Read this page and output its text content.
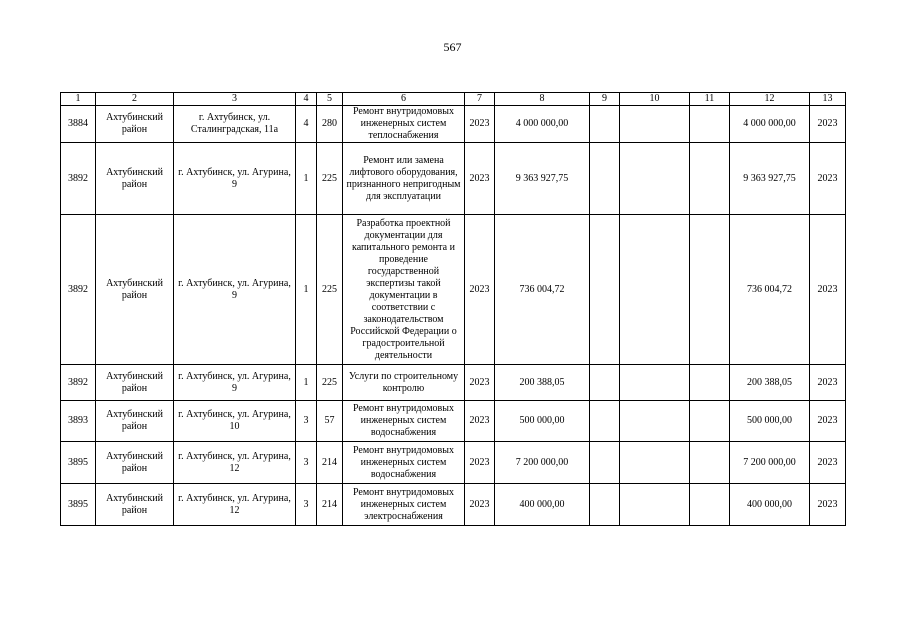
567
1	2	3	4	5	6	7	8	9	10	11	12	13
3884	Ахтубинский район	г. Ахтубинск, ул. Сталинградская, 11а	4	280	Ремонт внутридомовых инженерных систем теплоснабжения	2023	4 000 000,00				4 000 000,00	2023
3892	Ахтубинский район	г. Ахтубинск, ул. Агурина, 9	1	225	Ремонт или замена лифтового оборудования, признанного непригодным для эксплуатации	2023	9 363 927,75				9 363 927,75	2023
3892	Ахтубинский район	г. Ахтубинск, ул. Агурина, 9	1	225	Разработка проектной документации для капитального ремонта и проведение государственной экспертизы такой документации в соответствии с законодательством Российской Федерации о градостроительной деятельности	2023	736 004,72				736 004,72	2023
3892	Ахтубинский район	г. Ахтубинск, ул. Агурина, 9	1	225	Услуги по строительному контролю	2023	200 388,05				200 388,05	2023
3893	Ахтубинский район	г. Ахтубинск, ул. Агурина, 10	3	57	Ремонт внутридомовых инженерных систем водоснабжения	2023	500 000,00				500 000,00	2023
3895	Ахтубинский район	г. Ахтубинск, ул. Агурина, 12	3	214	Ремонт внутридомовых инженерных систем водоснабжения	2023	7 200 000,00				7 200 000,00	2023
3895	Ахтубинский район	г. Ахтубинск, ул. Агурина, 12	3	214	Ремонт внутридомовых инженерных систем электроснабжения	2023	400 000,00				400 000,00	2023
